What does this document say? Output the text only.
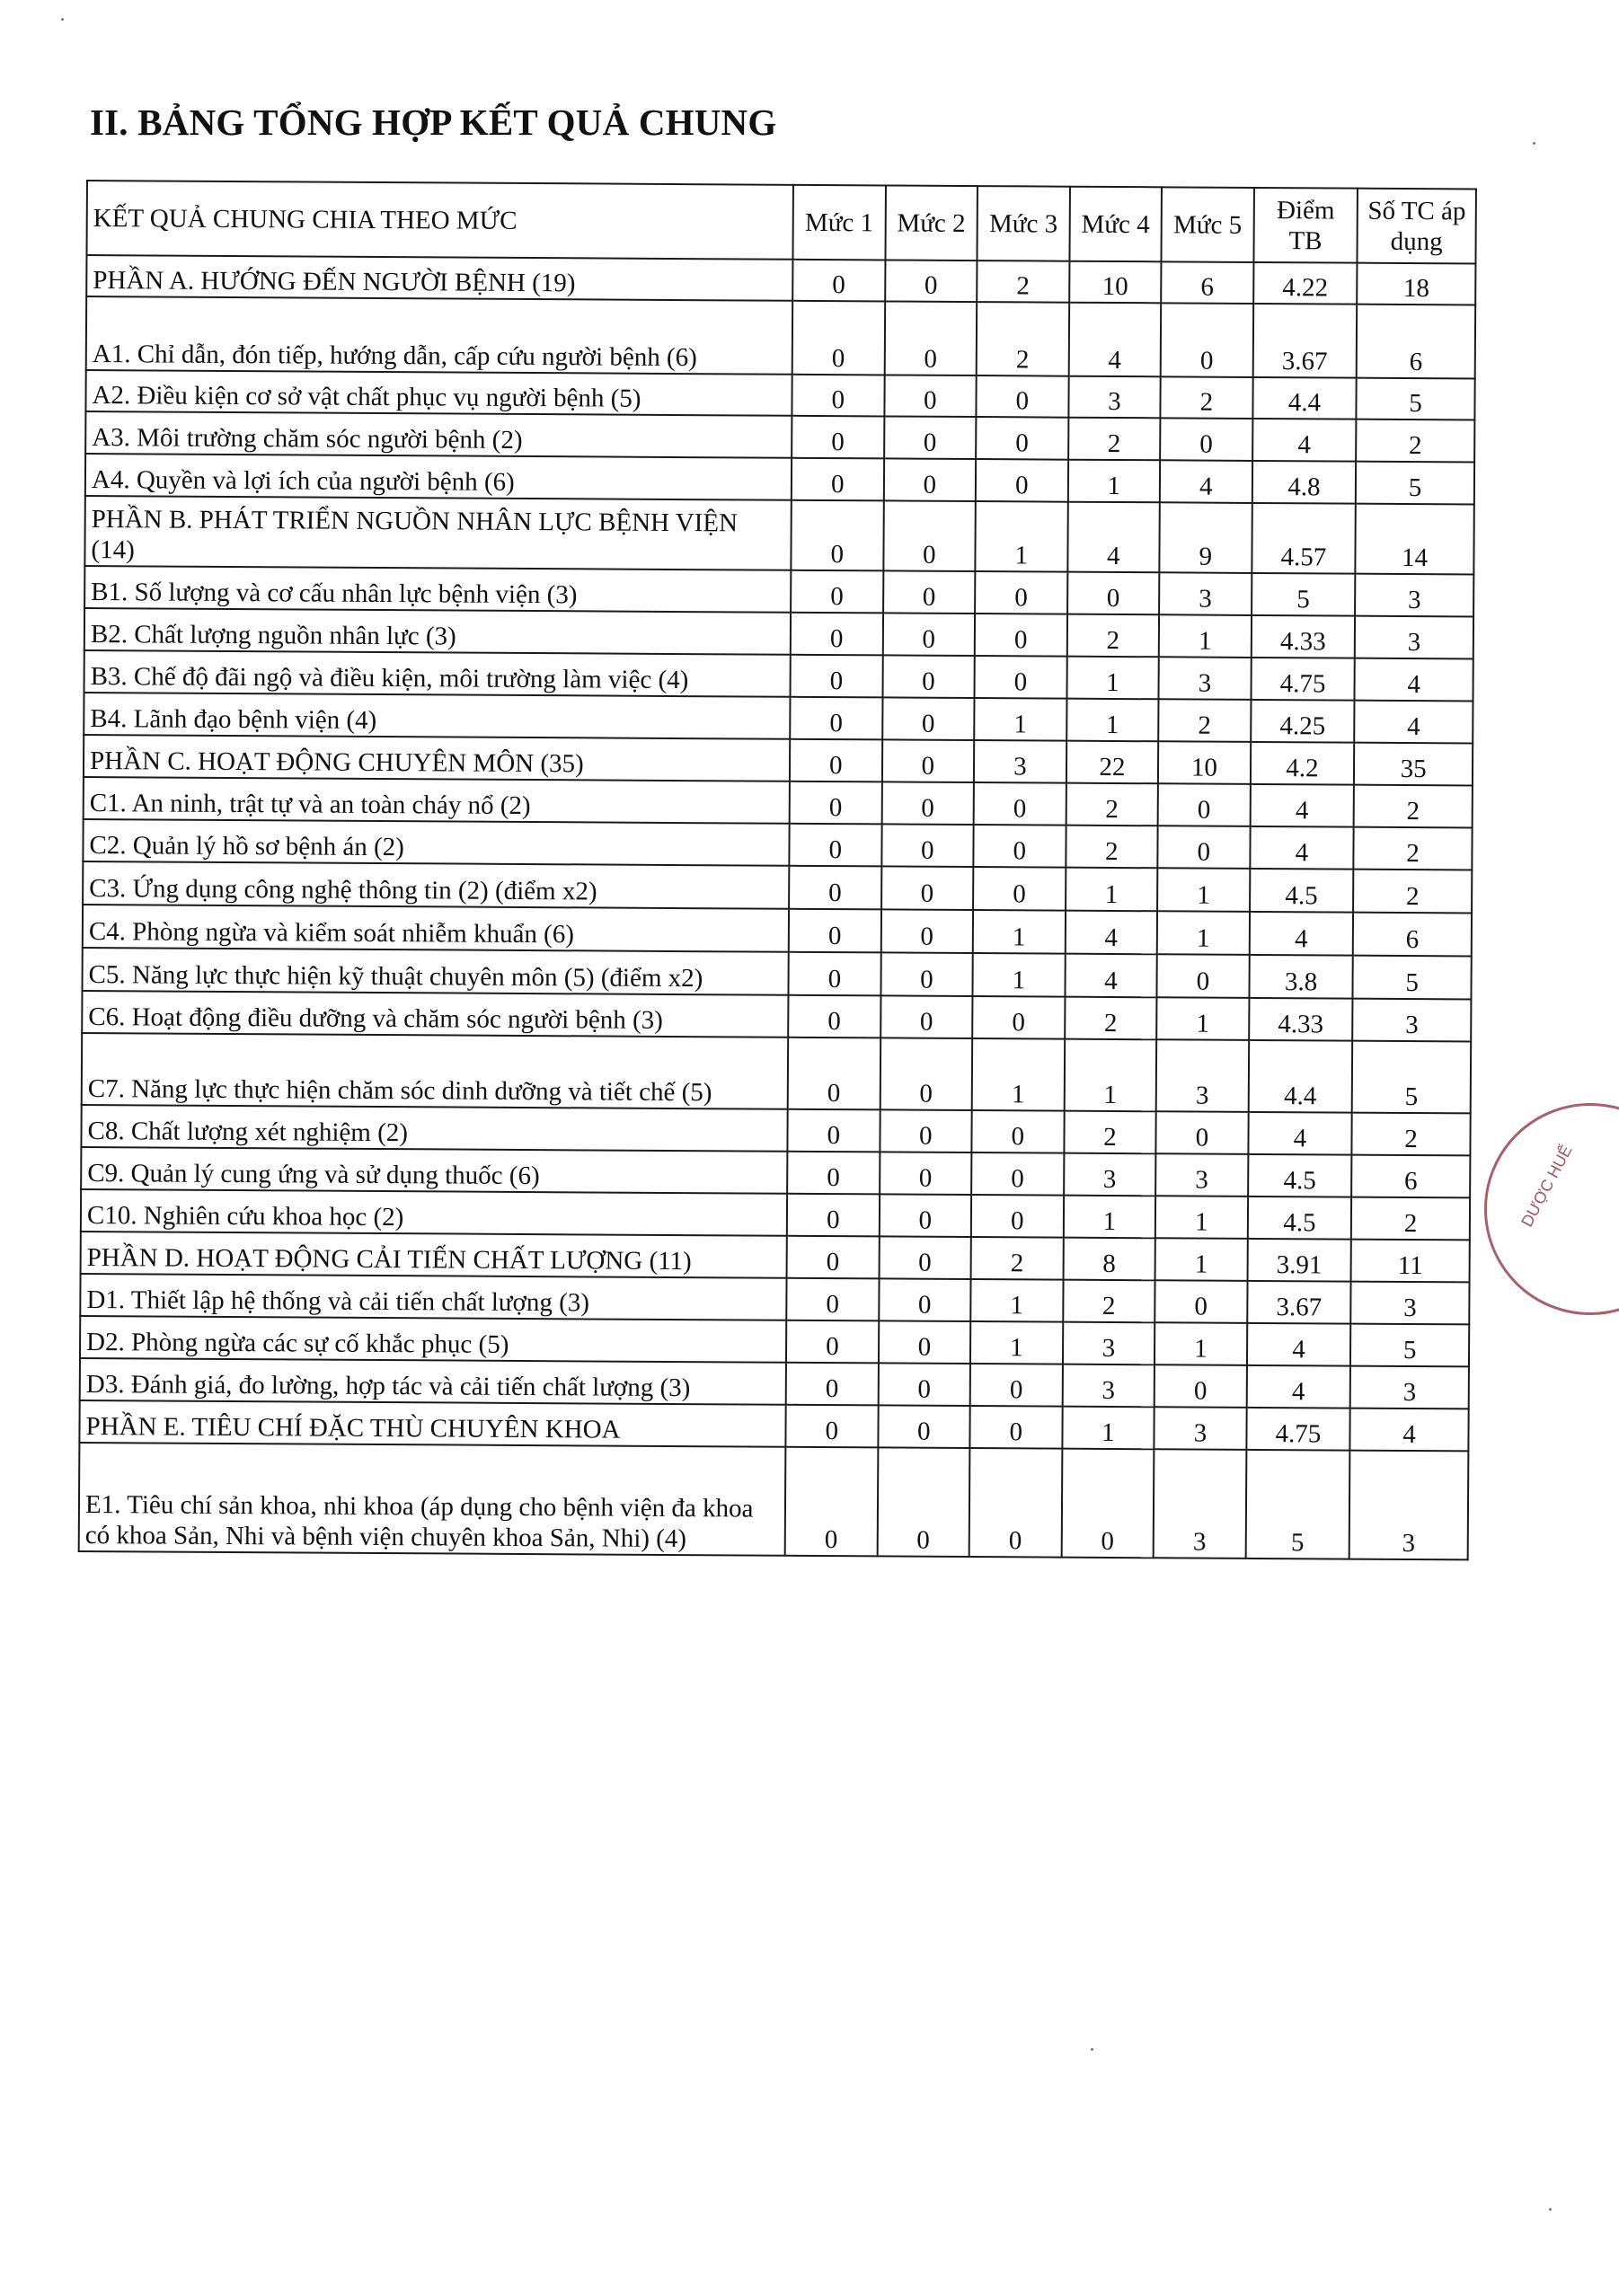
II. BẢNG TỔNG HỢP KẾT QUẢ CHUNG
KẾT QUẢ CHUNG CHIA THEO MỨC	Mức 1	Mức 2	Mức 3	Mức 4	Mức 5	Điểm TB	Số TC áp dụng
PHẦN A. HƯỚNG ĐẾN NGƯỜI BỆNH (19)	0	0	2	10	6	4.22	18
A1. Chỉ dẫn, đón tiếp, hướng dẫn, cấp cứu người bệnh (6)	0	0	2	4	0	3.67	6
A2. Điều kiện cơ sở vật chất phục vụ người bệnh (5)	0	0	0	3	2	4.4	5
A3. Môi trường chăm sóc người bệnh (2)	0	0	0	2	0	4	2
A4. Quyền và lợi ích của người bệnh (6)	0	0	0	1	4	4.8	5
PHẦN B. PHÁT TRIỂN NGUỒN NHÂN LỰC BỆNH VIỆN (14)	0	0	1	4	9	4.57	14
B1. Số lượng và cơ cấu nhân lực bệnh viện (3)	0	0	0	0	3	5	3
B2. Chất lượng nguồn nhân lực (3)	0	0	0	2	1	4.33	3
B3. Chế độ đãi ngộ và điều kiện, môi trường làm việc (4)	0	0	0	1	3	4.75	4
B4. Lãnh đạo bệnh viện (4)	0	0	1	1	2	4.25	4
PHẦN C. HOẠT ĐỘNG CHUYÊN MÔN (35)	0	0	3	22	10	4.2	35
C1. An ninh, trật tự và an toàn cháy nổ (2)	0	0	0	2	0	4	2
C2. Quản lý hồ sơ bệnh án (2)	0	0	0	2	0	4	2
C3. Ứng dụng công nghệ thông tin (2) (điểm x2)	0	0	0	1	1	4.5	2
C4. Phòng ngừa và kiểm soát nhiễm khuẩn (6)	0	0	1	4	1	4	6
C5. Năng lực thực hiện kỹ thuật chuyên môn (5) (điểm x2)	0	0	1	4	0	3.8	5
C6. Hoạt động điều dưỡng và chăm sóc người bệnh (3)	0	0	0	2	1	4.33	3
C7. Năng lực thực hiện chăm sóc dinh dưỡng và tiết chế (5)	0	0	1	1	3	4.4	5
C8. Chất lượng xét nghiệm (2)	0	0	0	2	0	4	2
C9. Quản lý cung ứng và sử dụng thuốc (6)	0	0	0	3	3	4.5	6
C10. Nghiên cứu khoa học (2)	0	0	0	1	1	4.5	2
PHẦN D. HOẠT ĐỘNG CẢI TIẾN CHẤT LƯỢNG (11)	0	0	2	8	1	3.91	11
D1. Thiết lập hệ thống và cải tiến chất lượng (3)	0	0	1	2	0	3.67	3
D2. Phòng ngừa các sự cố khắc phục (5)	0	0	1	3	1	4	5
D3. Đánh giá, đo lường, hợp tác và cải tiến chất lượng (3)	0	0	0	3	0	4	3
PHẦN E. TIÊU CHÍ ĐẶC THÙ CHUYÊN KHOA	0	0	0	1	3	4.75	4
E1. Tiêu chí sản khoa, nhi khoa (áp dụng cho bệnh viện đa khoa có khoa Sản, Nhi và bệnh viện chuyên khoa Sản, Nhi) (4)	0	0	0	0	3	5	3
DƯỢC HUẾ
